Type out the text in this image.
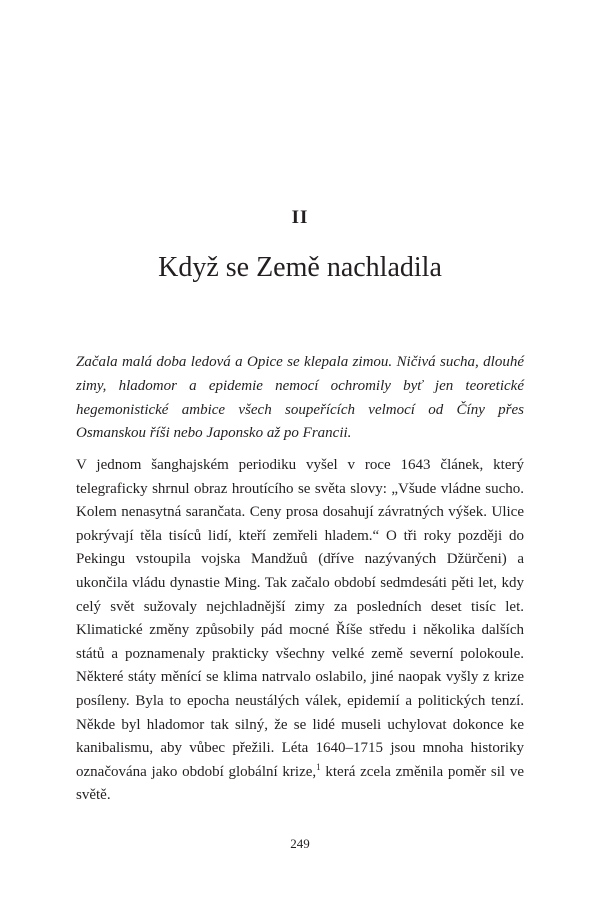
II
Když se Země nachladila

Začala malá doba ledová a Opice se klepala zimou. Ničivá sucha, dlouhé zimy, hladomor a epidemie nemocí ochromily byť jen teoretické hegemonistické ambice všech soupeřících velmocí od Číny přes Osmanskou říši nebo Japonsko až po Francii.

V jednom šanghajském periodiku vyšel v roce 1643 článek, který telegraficky shrnul obraz hroutícího se světa slovy: „Všude vládne sucho. Kolem nenasytná sarančata. Ceny prosa dosahují závratných výšek. Ulice pokrývají těla tisíců lidí, kteří zemřeli hladem.“ O tři roky později do Pekingu vstoupila vojska Mandžuů (dříve nazývaných Džürčeni) a ukončila vládu dynastie Ming. Tak začalo období sedmdesáti pěti let, kdy celý svět sužovaly nejchladnější zimy za posledních deset tisíc let. Klimatické změny způsobily pád mocné Říše středu i několika dalších států a poznamenaly prakticky všechny velké země severní polokoule. Některé státy měnící se klima natrvalo oslabilo, jiné naopak vyšly z krize posíleny. Byla to epocha neustálých válek, epidemií a politických tenzí. Někde byl hladomor tak silný, že se lidé museli uchylovat dokonce ke kanibalismu, aby vůbec přežili. Léta 1640–1715 jsou mnoha historiky označována jako období globální krize,$^1$ která zcela změnila poměr sil ve světě.

249
